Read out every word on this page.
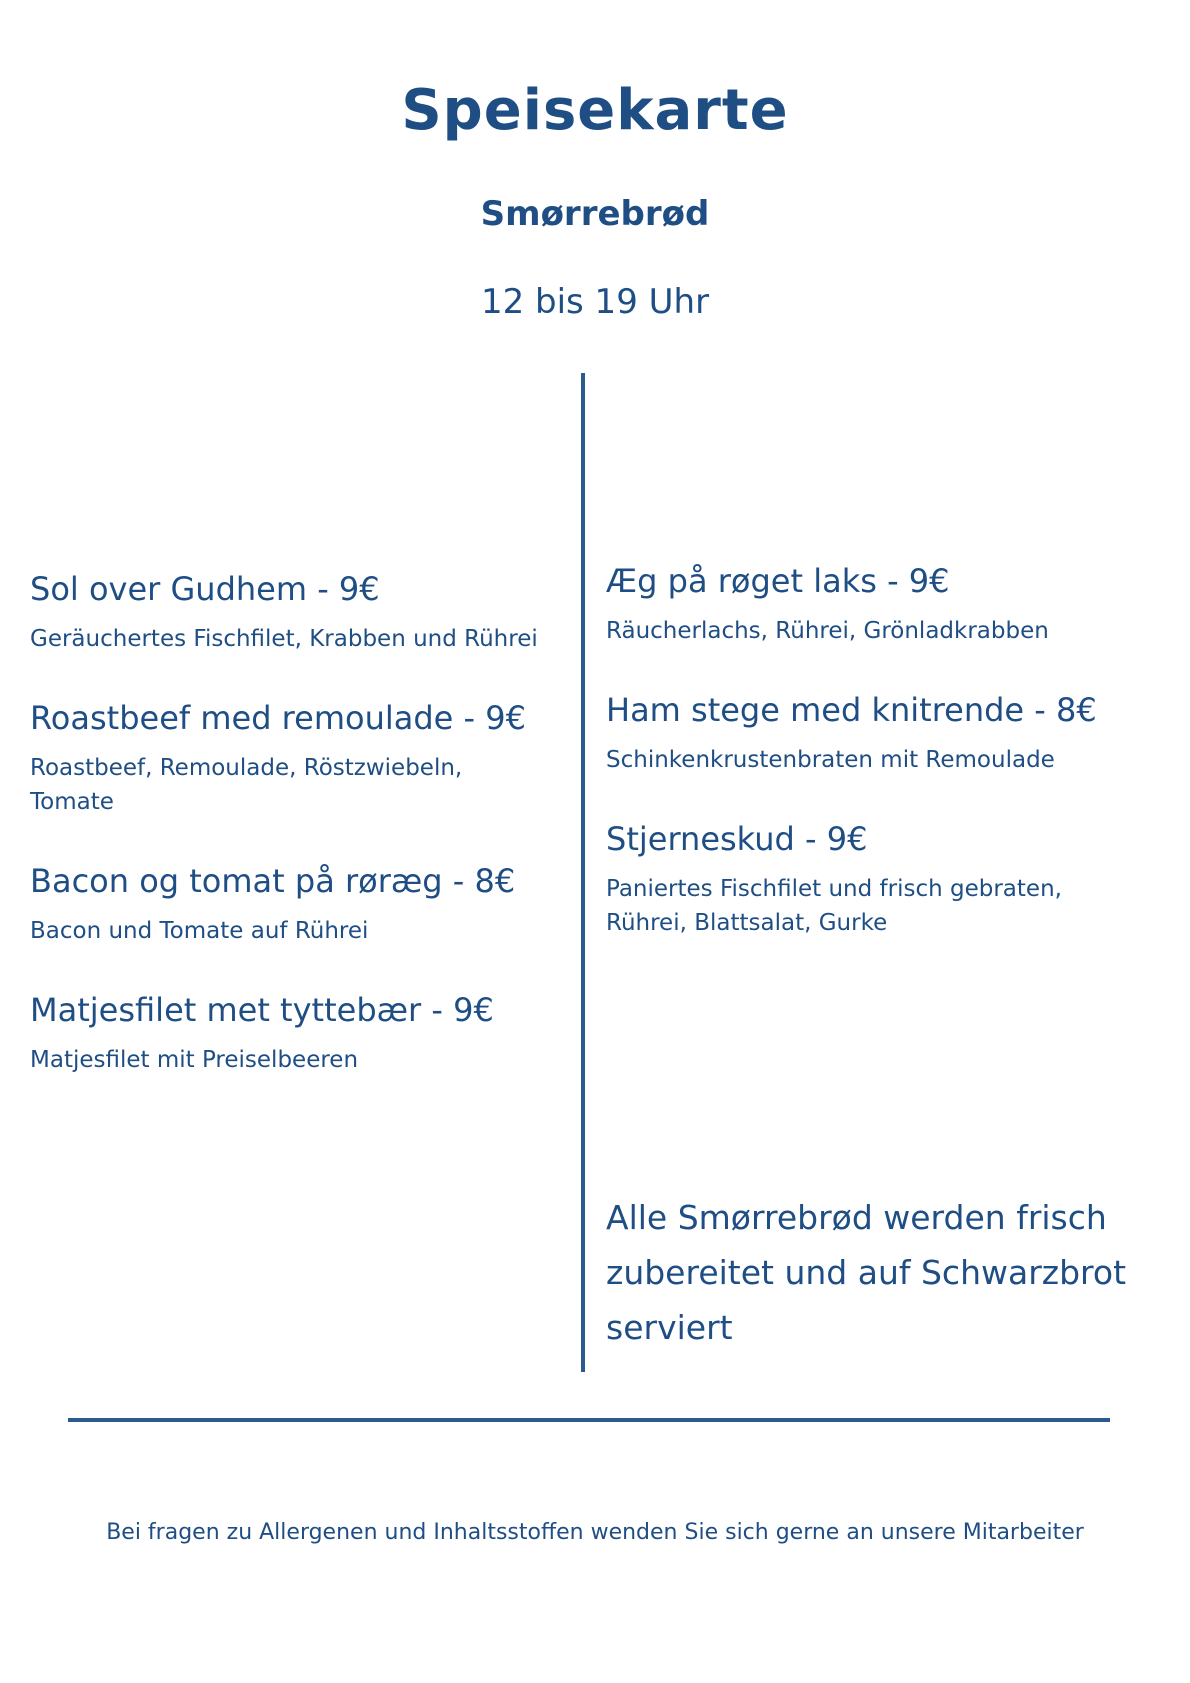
Speisekarte
Smørrebrød

12 bis 19 Uhr

Sol over Gudhem - 9€

Geräuchertes Fischfilet, Krabben und Rührei

Roastbeef med remoulade - 9€

Roastbeef, Remoulade, Röstzwiebeln, Tomate

Bacon og tomat på røræg - 8€

Bacon und Tomate auf Rührei

Matjesfilet met tyttebær - 9€

Matjesfilet mit Preiselbeeren

Æg på røget laks - 9€

Räucherlachs, Rührei, Grönladkrabben

Ham stege med knitrende - 8€

Schinkenkrustenbraten mit Remoulade

Stjerneskud - 9€

Paniertes Fischfilet und frisch gebraten, Rührei, Blattsalat, Gurke

Alle Smørrebrød werden frisch zubereitet und auf Schwarzbrot serviert

Bei fragen zu Allergenen und Inhaltsstoffen wenden Sie sich gerne an unsere Mitarbeiter
